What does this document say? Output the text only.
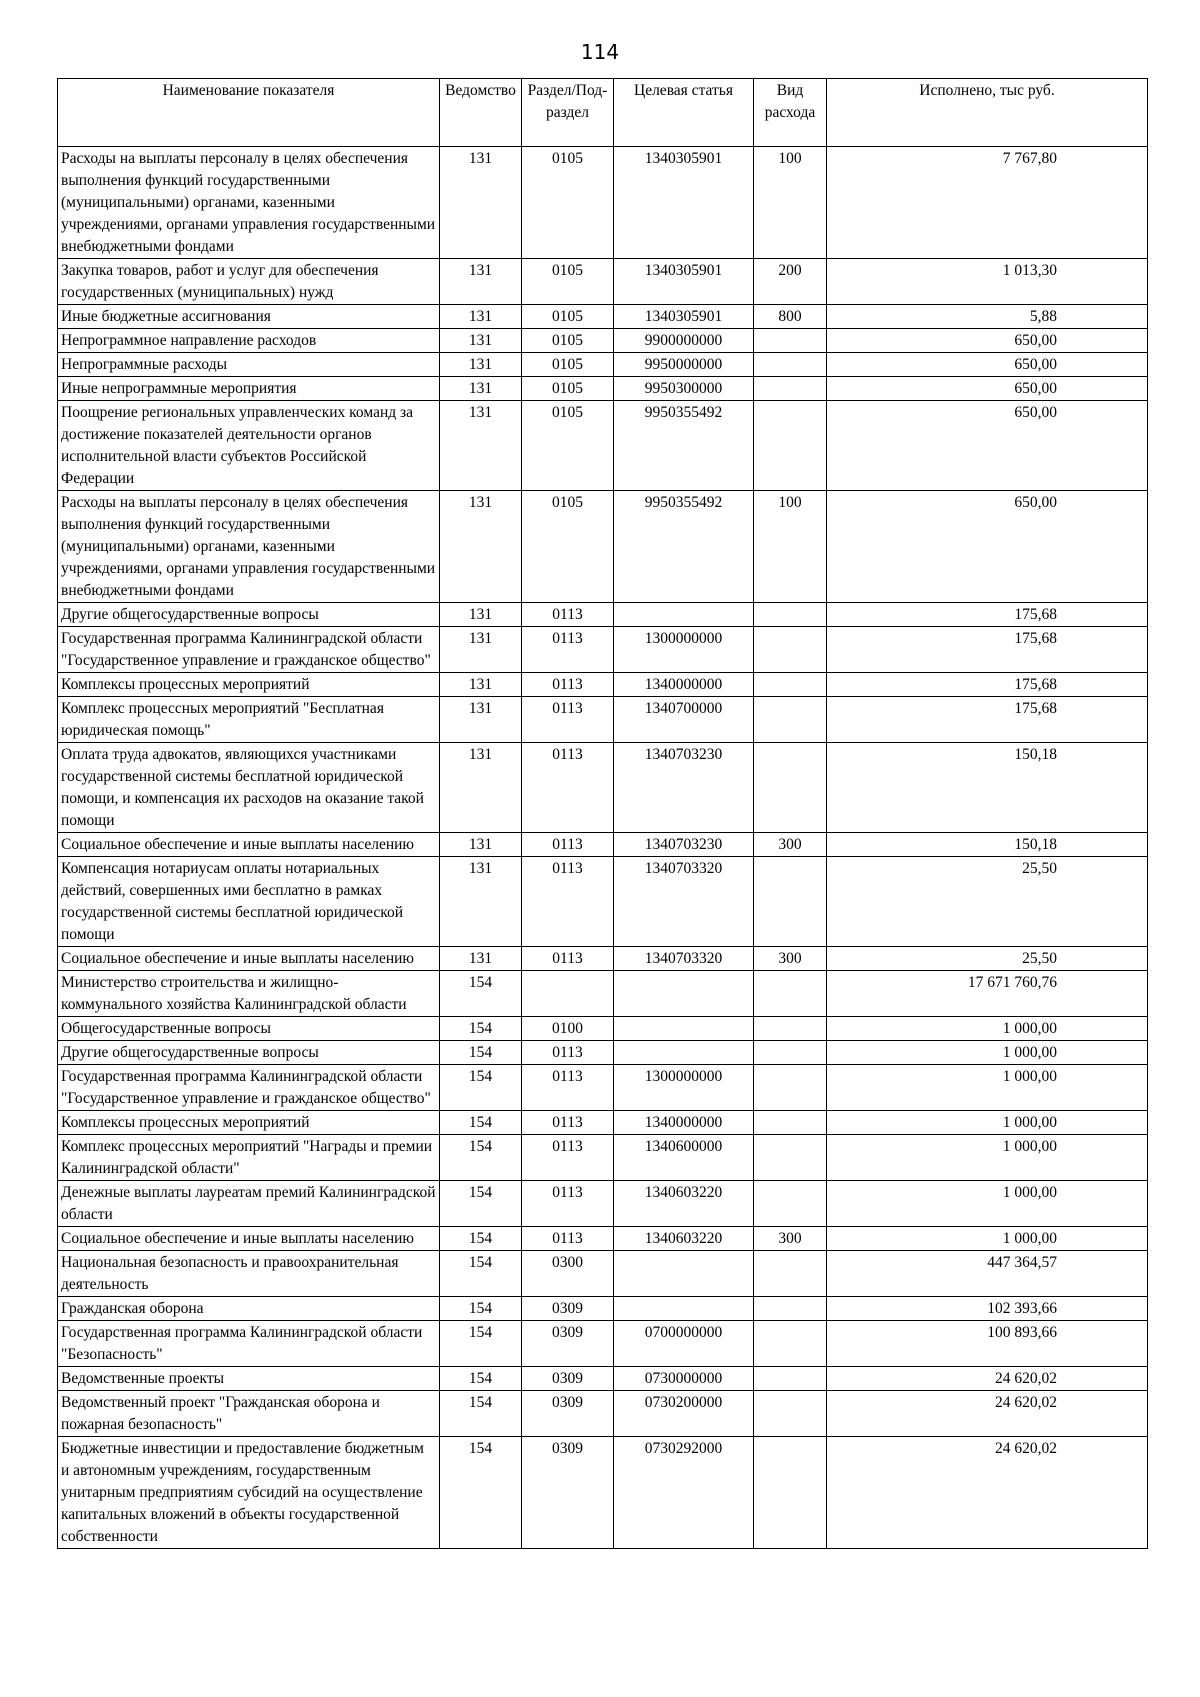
114
Наименование показателя	Ведомство	Раздел/Под-раздел	Целевая статья	Вид расхода	Исполнено, тыс руб.
Расходы на выплаты персоналу в целях обеспечения выполнения функций государственными (муниципальными) органами, казенными учреждениями, органами управления государственными внебюджетными фондами	131	0105	1340305901	100	7 767,80
Закупка товаров, работ и услуг для обеспечения государственных (муниципальных) нужд	131	0105	1340305901	200	1 013,30
Иные бюджетные ассигнования	131	0105	1340305901	800	5,88
Непрограммное направление расходов	131	0105	9900000000		650,00
Непрограммные расходы	131	0105	9950000000		650,00
Иные непрограммные мероприятия	131	0105	9950300000		650,00
Поощрение региональных управленческих команд за достижение показателей деятельности органов исполнительной власти субъектов Российской Федерации	131	0105	9950355492		650,00
Расходы на выплаты персоналу в целях обеспечения выполнения функций государственными (муниципальными) органами, казенными учреждениями, органами управления государственными внебюджетными фондами	131	0105	9950355492	100	650,00
Другие общегосударственные вопросы	131	0113			175,68
Государственная программа Калининградской области "Государственное управление и гражданское общество"	131	0113	1300000000		175,68
Комплексы процессных мероприятий	131	0113	1340000000		175,68
Комплекс процессных мероприятий "Бесплатная юридическая помощь"	131	0113	1340700000		175,68
Оплата труда адвокатов, являющихся участниками государственной системы бесплатной юридической помощи, и компенсация их расходов на оказание такой помощи	131	0113	1340703230		150,18
Социальное обеспечение и иные выплаты населению	131	0113	1340703230	300	150,18
Компенсация нотариусам оплаты нотариальных действий, совершенных ими бесплатно в рамках государственной системы бесплатной юридической помощи	131	0113	1340703320		25,50
Социальное обеспечение и иные выплаты населению	131	0113	1340703320	300	25,50
Министерство строительства и жилищно-коммунального хозяйства Калининградской области	154				17 671 760,76
Общегосударственные вопросы	154	0100			1 000,00
Другие общегосударственные вопросы	154	0113			1 000,00
Государственная программа Калининградской области "Государственное управление и гражданское общество"	154	0113	1300000000		1 000,00
Комплексы процессных мероприятий	154	0113	1340000000		1 000,00
Комплекс процессных мероприятий "Награды и премии Калининградской области"	154	0113	1340600000		1 000,00
Денежные выплаты лауреатам премий Калининградской области	154	0113	1340603220		1 000,00
Социальное обеспечение и иные выплаты населению	154	0113	1340603220	300	1 000,00
Национальная безопасность и правоохранительная деятельность	154	0300			447 364,57
Гражданская оборона	154	0309			102 393,66
Государственная программа Калининградской области "Безопасность"	154	0309	0700000000		100 893,66
Ведомственные проекты	154	0309	0730000000		24 620,02
Ведомственный проект "Гражданская оборона и пожарная безопасность"	154	0309	0730200000		24 620,02
Бюджетные инвестиции и предоставление бюджетным и автономным учреждениям, государственным унитарным предприятиям субсидий на осуществление капитальных вложений в объекты государственной собственности	154	0309	0730292000		24 620,02
